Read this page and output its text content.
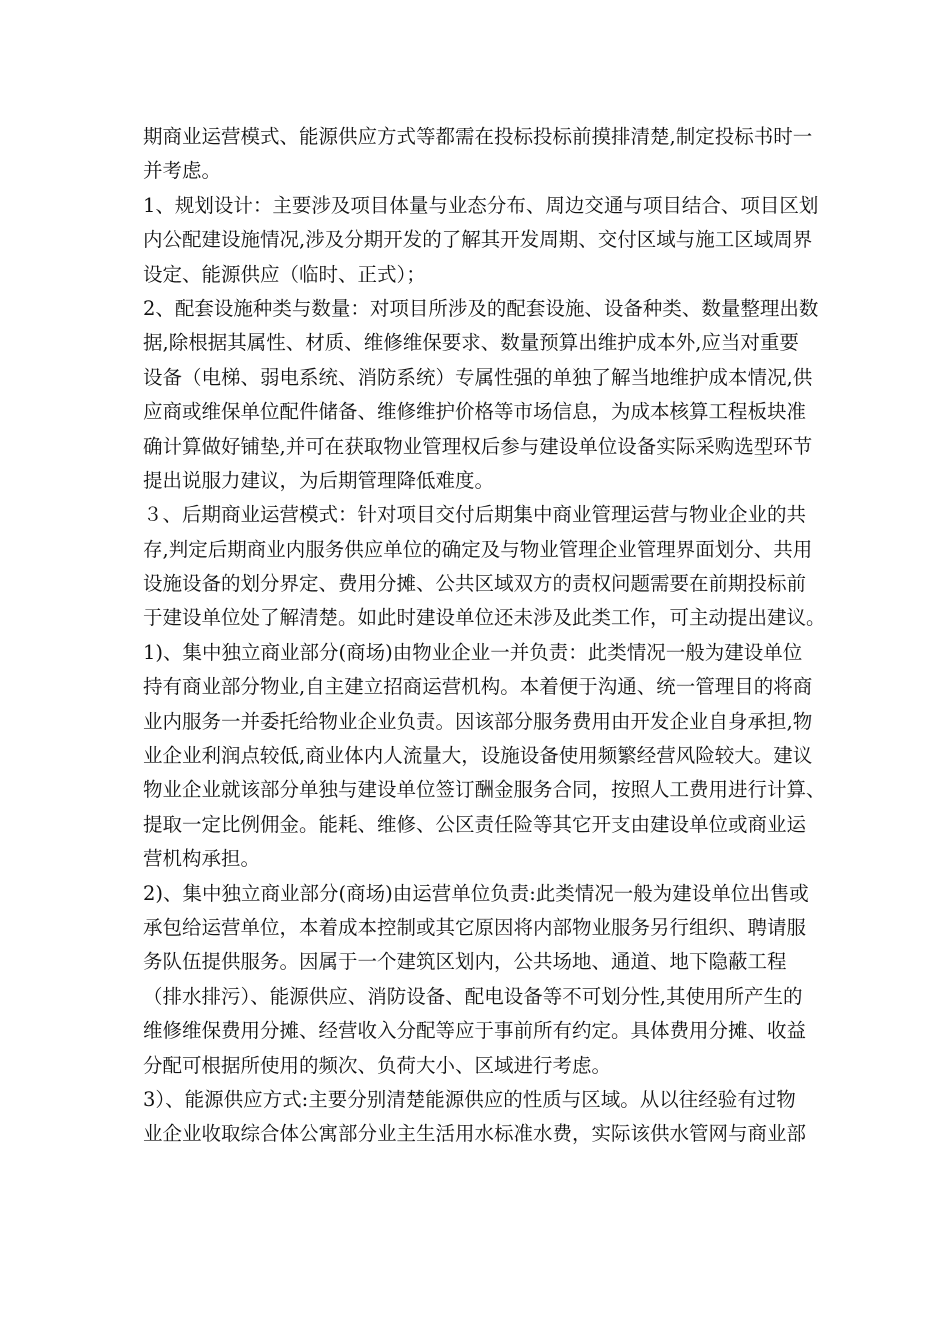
期商业运营模式、能源供应方式等都需在投标投标前摸排清楚,制定投标书时一
并考虑。
1、规划设计：主要涉及项目体量与业态分布、周边交通与项目结合、项目区划
内公配建设施情况,涉及分期开发的了解其开发周期、交付区域与施工区域周界
设定、能源供应（临时、正式）；
2、配套设施种类与数量：对项目所涉及的配套设施、设备种类、数量整理出数
据,除根据其属性、材质、维修维保要求、数量预算出维护成本外,应当对重要
设备（电梯、弱电系统、消防系统）专属性强的单独了解当地维护成本情况,供
应商或维保单位配件储备、维修维护价格等市场信息，为成本核算工程板块准
确计算做好铺垫,并可在获取物业管理权后参与建设单位设备实际采购选型环节
提出说服力建议，为后期管理降低难度。
３、后期商业运营模式：针对项目交付后期集中商业管理运营与物业企业的共
存,判定后期商业内服务供应单位的确定及与物业管理企业管理界面划分、共用
设施设备的划分界定、费用分摊、公共区域双方的责权问题需要在前期投标前
于建设单位处了解清楚。如此时建设单位还未涉及此类工作，可主动提出建议。
1)、集中独立商业部分(商场)由物业企业一并负责：此类情况一般为建设单位
持有商业部分物业,自主建立招商运营机构。本着便于沟通、统一管理目的将商
业内服务一并委托给物业企业负责。因该部分服务费用由开发企业自身承担,物
业企业利润点较低,商业体内人流量大，设施设备使用频繁经营风险较大。建议
物业企业就该部分单独与建设单位签订酬金服务合同，按照人工费用进行计算、
提取一定比例佣金。能耗、维修、公区责任险等其它开支由建设单位或商业运
营机构承担。
2)、集中独立商业部分(商场)由运营单位负责:此类情况一般为建设单位出售或
承包给运营单位，本着成本控制或其它原因将内部物业服务另行组织、聘请服
务队伍提供服务。因属于一个建筑区划内，公共场地、通道、地下隐蔽工程
（排水排污）、能源供应、消防设备、配电设备等不可划分性,其使用所产生的
维修维保费用分摊、经营收入分配等应于事前所有约定。具体费用分摊、收益
分配可根据所使用的频次、负荷大小、区域进行考虑。
3）、能源供应方式:主要分别清楚能源供应的性质与区域。从以往经验有过物
业企业收取综合体公寓部分业主生活用水标准水费，实际该供水管网与商业部
